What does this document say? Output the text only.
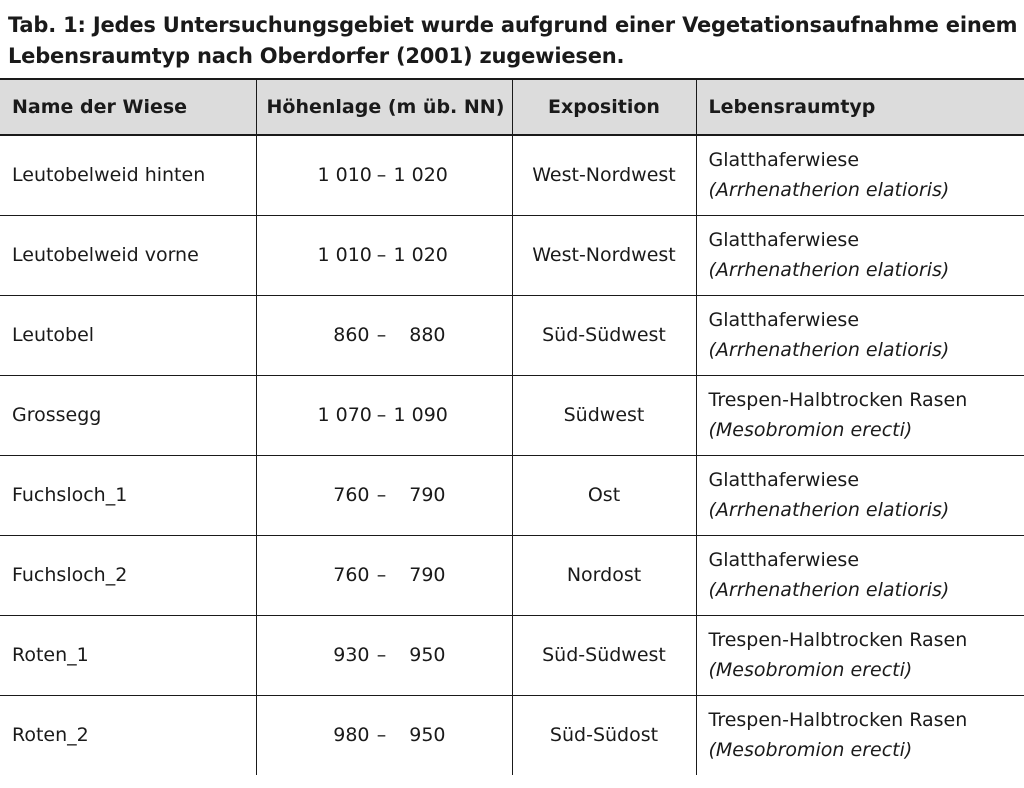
Tab. 1: Jedes Untersuchungsgebiet wurde aufgrund einer Vegetationsaufnahme einem
Lebensraumtyp nach Oberdorfer (2001) zugewiesen.
Name der Wiese	Höhenlage (m üb. NN)	Exposition	Lebensraumtyp
Leutobelweid hinten	1 010 – 1 020	West-Nordwest	Glatthaferwiese
(Arrhenatherion elatioris)

Leutobelweid vorne	1 010 – 1 020	West-Nordwest	Glatthaferwiese
(Arrhenatherion elatioris)

Leutobel	860 – 880	Süd-Südwest	Glatthaferwiese
(Arrhenatherion elatioris)

Grossegg	1 070 – 1 090	Südwest	Trespen-Halbtrocken Rasen
(Mesobromion erecti)

Fuchsloch_1	760 – 790	Ost	Glatthaferwiese
(Arrhenatherion elatioris)

Fuchsloch_2	760 – 790	Nordost	Glatthaferwiese
(Arrhenatherion elatioris)

Roten_1	930 – 950	Süd-Südwest	Trespen-Halbtrocken Rasen
(Mesobromion erecti)

Roten_2	980 – 950	Süd-Südost	Trespen-Halbtrocken Rasen
(Mesobromion erecti)
